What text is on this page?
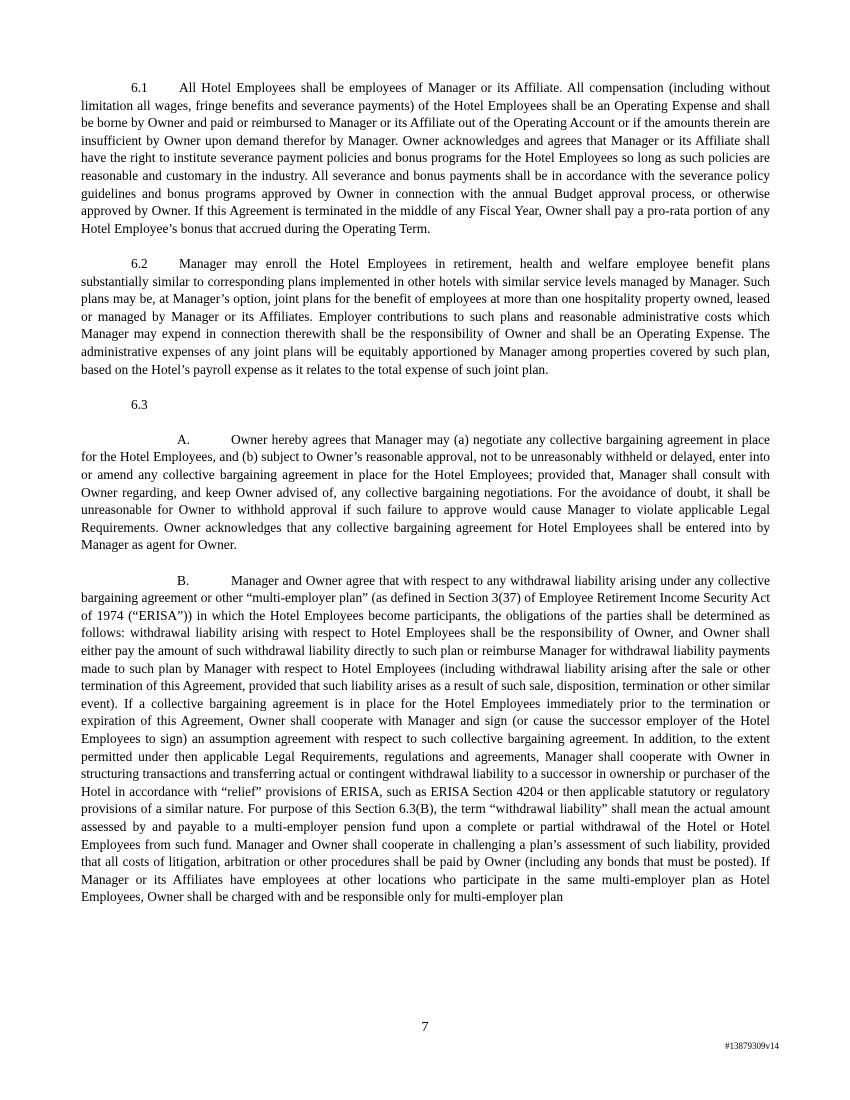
6.1 All Hotel Employees shall be employees of Manager or its Affiliate. All compensation (including without limitation all wages, fringe benefits and severance payments) of the Hotel Employees shall be an Operating Expense and shall be borne by Owner and paid or reimbursed to Manager or its Affiliate out of the Operating Account or if the amounts therein are insufficient by Owner upon demand therefor by Manager. Owner acknowledges and agrees that Manager or its Affiliate shall have the right to institute severance payment policies and bonus programs for the Hotel Employees so long as such policies are reasonable and customary in the industry. All severance and bonus payments shall be in accordance with the severance policy guidelines and bonus programs approved by Owner in connection with the annual Budget approval process, or otherwise approved by Owner. If this Agreement is terminated in the middle of any Fiscal Year, Owner shall pay a pro-rata portion of any Hotel Employee’s bonus that accrued during the Operating Term.

6.2 Manager may enroll the Hotel Employees in retirement, health and welfare employee benefit plans substantially similar to corresponding plans implemented in other hotels with similar service levels managed by Manager. Such plans may be, at Manager’s option, joint plans for the benefit of employees at more than one hospitality property owned, leased or managed by Manager or its Affiliates. Employer contributions to such plans and reasonable administrative costs which Manager may expend in connection therewith shall be the responsibility of Owner and shall be an Operating Expense. The administrative expenses of any joint plans will be equitably apportioned by Manager among properties covered by such plan, based on the Hotel’s payroll expense as it relates to the total expense of such joint plan.

6.3

A.	Owner hereby agrees that Manager may (a) negotiate any collective bargaining agreement in place for the Hotel Employees, and (b) subject to Owner’s reasonable approval, not to be unreasonably withheld or delayed, enter into or amend any collective bargaining agreement in place for the Hotel Employees; provided that, Manager shall consult with Owner regarding, and keep Owner advised of, any collective bargaining negotiations. For the avoidance of doubt, it shall be unreasonable for Owner to withhold approval if such failure to approve would cause Manager to violate applicable Legal Requirements. Owner acknowledges that any collective bargaining agreement for Hotel Employees shall be entered into by Manager as agent for Owner.

B.	Manager and Owner agree that with respect to any withdrawal liability arising under any collective bargaining agreement or other “multi-employer plan” (as defined in Section 3(37) of Employee Retirement Income Security Act of 1974 (“ERISA”)) in which the Hotel Employees become participants, the obligations of the parties shall be determined as follows: withdrawal liability arising with respect to Hotel Employees shall be the responsibility of Owner, and Owner shall either pay the amount of such withdrawal liability directly to such plan or reimburse Manager for withdrawal liability payments made to such plan by Manager with respect to Hotel Employees (including withdrawal liability arising after the sale or other termination of this Agreement, provided that such liability arises as a result of such sale, disposition, termination or other similar event). If a collective bargaining agreement is in place for the Hotel Employees immediately prior to the termination or expiration of this Agreement, Owner shall cooperate with Manager and sign (or cause the successor employer of the Hotel Employees to sign) an assumption agreement with respect to such collective bargaining agreement. In addition, to the extent permitted under then applicable Legal Requirements, regulations and agreements, Manager shall cooperate with Owner in structuring transactions and transferring actual or contingent withdrawal liability to a successor in ownership or purchaser of the Hotel in accordance with “relief” provisions of ERISA, such as ERISA Section 4204 or then applicable statutory or regulatory provisions of a similar nature. For purpose of this Section 6.3(B), the term “withdrawal liability” shall mean the actual amount assessed by and payable to a multi-employer pension fund upon a complete or partial withdrawal of the Hotel or Hotel Employees from such fund. Manager and Owner shall cooperate in challenging a plan’s assessment of such liability, provided that all costs of litigation, arbitration or other procedures shall be paid by Owner (including any bonds that must be posted). If Manager or its Affiliates have employees at other locations who participate in the same multi-employer plan as Hotel Employees, Owner shall be charged with and be responsible only for multi-employer plan

7
#13879309v14
